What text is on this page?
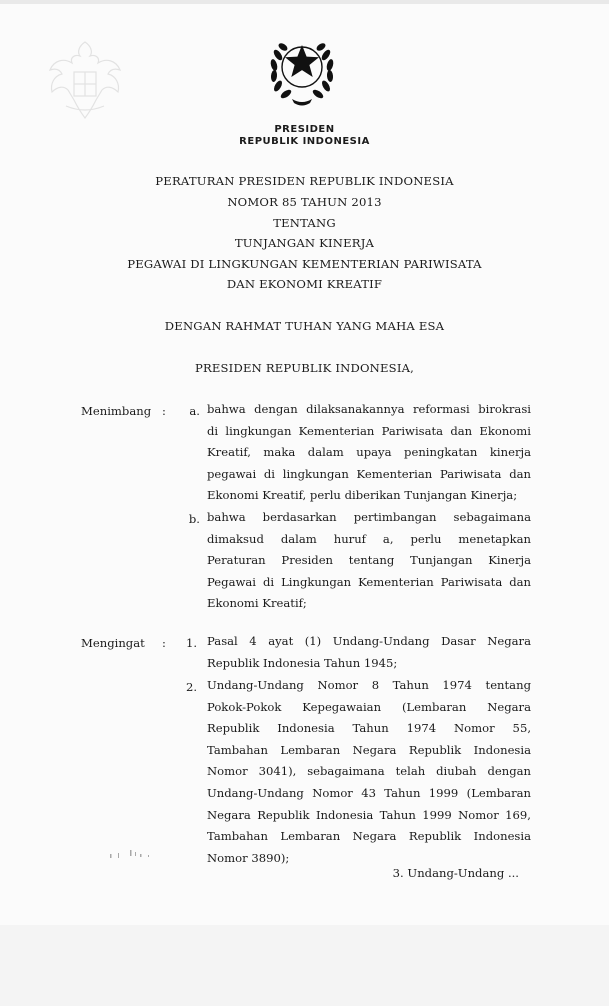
PRESIDEN
REPUBLIK INDONESIA
PERATURAN PRESIDEN REPUBLIK INDONESIA
NOMOR 85 TAHUN 2013
TENTANG
TUNJANGAN KINERJA
PEGAWAI DI LINGKUNGAN KEMENTERIAN PARIWISATA
DAN EKONOMI KREATIF
DENGAN RAHMAT TUHAN YANG MAHA ESA
PRESIDEN REPUBLIK INDONESIA,
Menimbang :	a. bahwa dengan dilaksanakannya reformasi birokrasi
di lingkungan Kementerian Pariwisata dan Ekonomi
Kreatif, maka dalam upaya peningkatan kinerja
pegawai di lingkungan Kementerian Pariwisata dan
Ekonomi Kreatif, perlu diberikan Tunjangan Kinerja;
b. bahwa berdasarkan pertimbangan sebagaimana
dimaksud dalam huruf a, perlu menetapkan
Peraturan Presiden tentang Tunjangan Kinerja
Pegawai di Lingkungan Kementerian Pariwisata dan
Ekonomi Kreatif;
Mengingat :	1. Pasal 4 ayat (1) Undang-Undang Dasar Negara
Republik Indonesia Tahun 1945;
2. Undang-Undang Nomor 8 Tahun 1974 tentang
Pokok-Pokok Kepegawaian (Lembaran Negara
Republik Indonesia Tahun 1974 Nomor 55,
Tambahan Lembaran Negara Republik Indonesia
Nomor 3041), sebagaimana telah diubah dengan
Undang-Undang Nomor 43 Tahun 1999 (Lembaran
Negara Republik Indonesia Tahun 1999 Nomor 169,
Tambahan Lembaran Negara Republik Indonesia
Nomor 3890);
3. Undang-Undang ...
